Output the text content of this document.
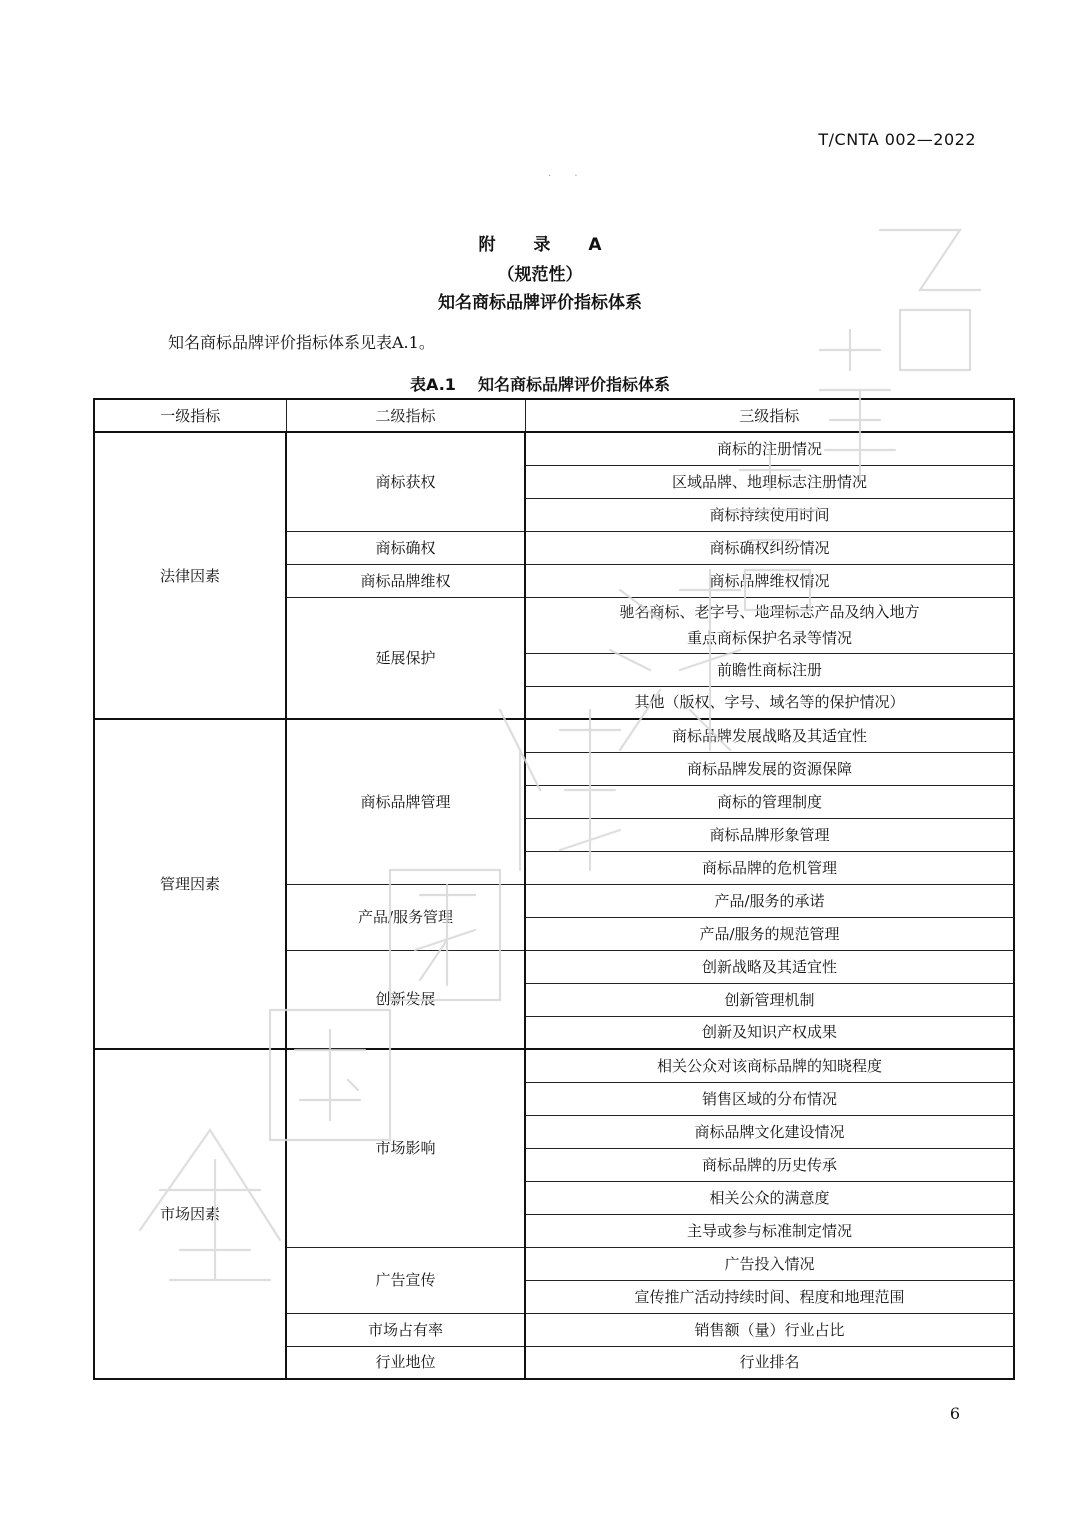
T/CNTA 002—2022
. .
附 录 A
（规范性）
知名商标品牌评价指标体系
知名商标品牌评价指标体系见表A.1。
表A.1 知名商标品牌评价指标体系
一级指标	二级指标	三级指标
法律因素	商标获权	商标的注册情况
		区域品牌、地理标志注册情况
		商标持续使用时间
	商标确权	商标确权纠纷情况
	商标品牌维权	商标品牌维权情况
	延展保护	驰名商标、老字号、地理标志产品及纳入地方重点商标保护名录等情况
		前瞻性商标注册
		其他（版权、字号、域名等的保护情况）
管理因素	商标品牌管理	商标品牌发展战略及其适宜性
		商标品牌发展的资源保障
		商标的管理制度
		商标品牌形象管理
		商标品牌的危机管理
	产品/服务管理	产品/服务的承诺
		产品/服务的规范管理
	创新发展	创新战略及其适宜性
		创新管理机制
		创新及知识产权成果
市场因素	市场影响	相关公众对该商标品牌的知晓程度
		销售区域的分布情况
		商标品牌文化建设情况
		商标品牌的历史传承
		相关公众的满意度
		主导或参与标准制定情况
	广告宣传	广告投入情况
		宣传推广活动持续时间、程度和地理范围
	市场占有率	销售额（量）行业占比
	行业地位	行业排名
6
